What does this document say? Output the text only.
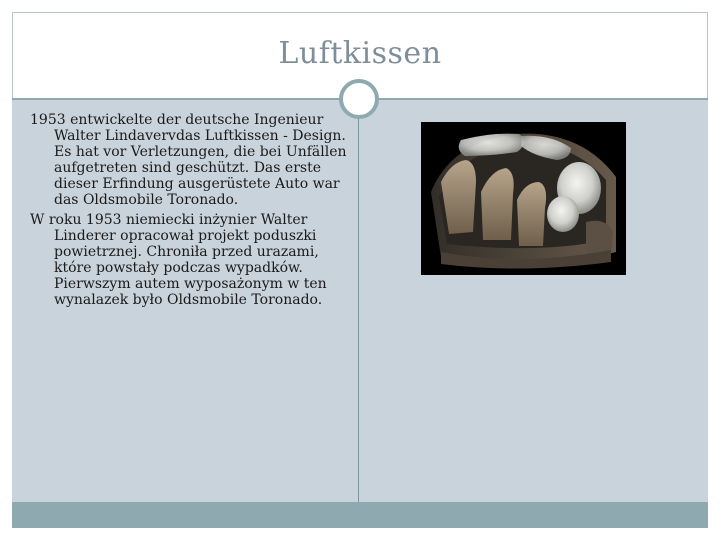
Luftkissen

1953 entwickelte der deutsche Ingenieur Walter Lindavervdas Luftkissen - Design. Es hat vor Verletzungen, die bei Unfällen aufgetreten sind geschützt. Das erste dieser Erfindung ausgerüstete Auto war das Oldsmobile Toronado.

W roku 1953 niemiecki inżynier Walter Linderer opracował projekt poduszki powietrznej. Chroniła przed urazami, które powstały podczas wypadków. Pierwszym autem wyposażonym w ten wynalazek było Oldsmobile Toronado.
